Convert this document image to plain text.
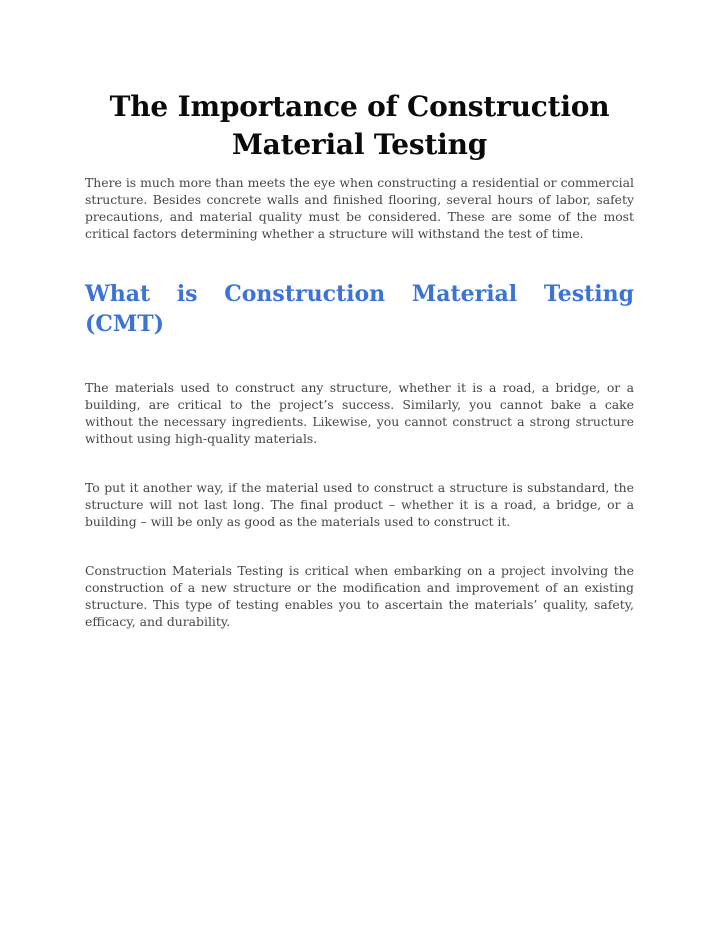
The Importance of Construction Material Testing

There is much more than meets the eye when constructing a residential or commercial structure. Besides concrete walls and finished flooring, several hours of labor, safety precautions, and material quality must be considered. These are some of the most critical factors determining whether a structure will withstand the test of time.

What is Construction Material Testing (CMT)

The materials used to construct any structure, whether it is a road, a bridge, or a building, are critical to the project’s success. Similarly, you cannot bake a cake without the necessary ingredients. Likewise, you cannot construct a strong structure without using high-quality materials.

To put it another way, if the material used to construct a structure is substandard, the structure will not last long. The final product – whether it is a road, a bridge, or a building – will be only as good as the materials used to construct it.

Construction Materials Testing is critical when embarking on a project involving the construction of a new structure or the modification and improvement of an existing structure. This type of testing enables you to ascertain the materials’ quality, safety, efficacy, and durability.
